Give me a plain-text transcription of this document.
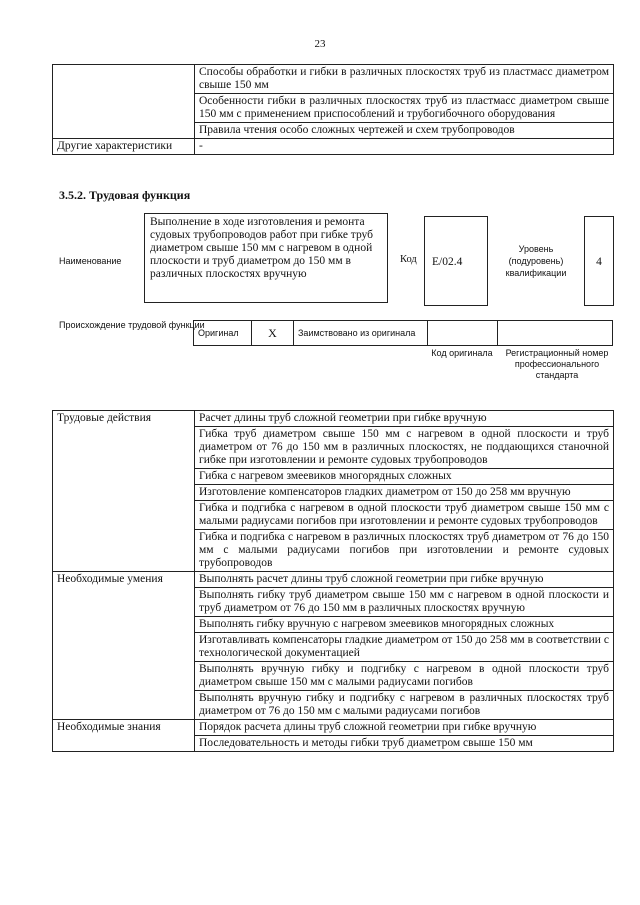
23
	Способы обработки и гибки в различных плоскостях труб из пластмасс диаметром свыше 150 мм
	Особенности гибки в различных плоскостях труб из пластмасс диаметром свыше 150 мм с применением приспособлений и трубогибочного оборудования
	Правила чтения особо сложных чертежей и схем трубопроводов
Другие характеристики	-
3.5.2. Трудовая функция
Наименование
Выполнение в ходе изготовления и ремонта судовых трубопроводов работ при гибке труб диаметром свыше 150 мм с нагревом в одной плоскости и труб диаметром до 150 мм в различных плоскостях вручную
Код	E/02.4
Уровень (подуровень) квалификации
4
Происхождение трудовой функции
Оригинал	X	Заимствовано из оригинала		
Код оригинала	Регистрационный номер профессионального стандарта
Трудовые действия	Расчет длины труб сложной геометрии при гибке вручную
	Гибка труб диаметром свыше 150 мм с нагревом в одной плоскости и труб диаметром от 76 до 150 мм в различных плоскостях, не поддающихся станочной гибке при изготовлении и ремонте судовых трубопроводов
	Гибка с нагревом змеевиков многорядных сложных
	Изготовление компенсаторов гладких диаметром от 150 до 258 мм вручную
	Гибка и подгибка с нагревом в одной плоскости труб диаметром свыше 150 мм с малыми радиусами погибов при изготовлении и ремонте судовых трубопроводов
	Гибка и подгибка с нагревом в различных плоскостях труб диаметром от 76 до 150 мм с малыми радиусами погибов при изготовлении и ремонте судовых трубопроводов
Необходимые умения	Выполнять расчет длины труб сложной геометрии при гибке вручную
	Выполнять гибку труб диаметром свыше 150 мм с нагревом в одной плоскости и труб диаметром от 76 до 150 мм в различных плоскостях вручную
	Выполнять гибку вручную с нагревом змеевиков многорядных сложных
	Изготавливать компенсаторы гладкие диаметром от 150 до 258 мм в соответствии с технологической документацией
	Выполнять вручную гибку и подгибку с нагревом в одной плоскости труб диаметром свыше 150 мм с малыми радиусами погибов
	Выполнять вручную гибку и подгибку с нагревом в различных плоскостях труб диаметром от 76 до 150 мм с малыми радиусами погибов
Необходимые знания	Порядок расчета длины труб сложной геометрии при гибке вручную
	Последовательность и методы гибки труб диаметром свыше 150 мм
